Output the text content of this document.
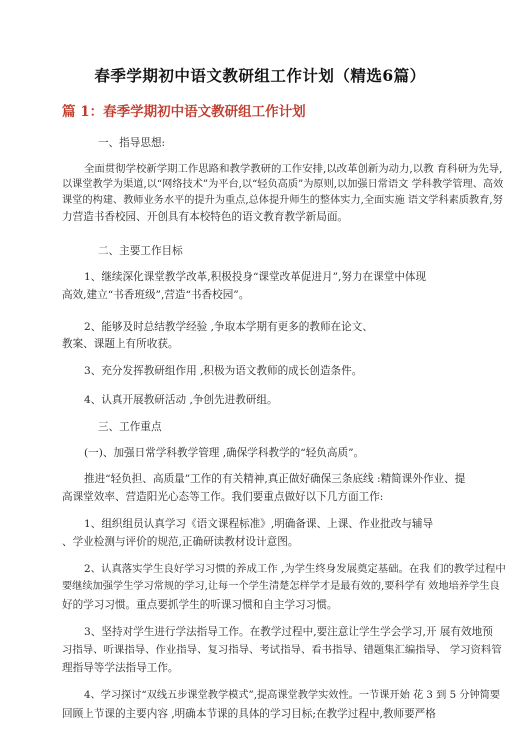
春季学期初中语文教研组工作计划（精选6篇）
篇 1：春季学期初中语文教研组工作计划
一、指导思想:
全面贯彻学校新学期工作思路和教学教研的工作安排,以改革创新为动力,以教 育科研为先导,
以课堂教学为渠道,以“网络技术”为平台,以“轻负高质”为原则,以加强日常语文 学科教学管理、高效
课堂的构建、教师业务水平的提升为重点,总体提升师生的整体实力,全面实施 语文学科素质教育,努
力营造书香校园、开创具有本校特色的语文教育教学新局面。
二、主要工作目标
1、继续深化课堂教学改革,积极投身“课堂改革促进月”,努力在课堂中体现
高效,建立“书香班级”,营造“书香校园”。
2、能够及时总结教学经验 ,争取本学期有更多的教师在论文、
教案、课题上有所收获。
3、充分发挥教研组作用 ,积极为语文教师的成长创造条件。
4、认真开展教研活动 ,争创先进教研组。
三、工作重点
(一)、加强日常学科教学管理 ,确保学科教学的“轻负高质”。
推进“轻负担、高质量”工作的有关精神,真正做好确保三条底线 :精简课外作业、提
高课堂效率、营造阳光心态等工作。我们要重点做好以下几方面工作:
1、组织组员认真学习《语文课程标准》,明确备课、上课、作业批改与辅导
、学业检测与评价的规范,正确研读教材设计意图。
2、认真落实学生良好学习习惯的养成工作 ,为学生终身发展奠定基础。在我 们的教学过程中
要继续加强学生学习常规的学习,让每一个学生清楚怎样学才是最有效的,要科学有 效地培养学生良
好的学习习惯。重点要抓学生的听课习惯和自主学习习惯。
3、坚持对学生进行学法指导工作。在教学过程中,要注意让学生学会学习,开 展有效地预
习指导、听课指导、作业指导、复习指导、考试指导、看书指导、错题集汇编指导、 学习资料管
理指导等学法指导工作。
4、学习探讨“双线五步课堂教学模式”,提高课堂教学实效性。一节课开始 花 3 到 5 分钟简要
回顾上节课的主要内容 ,明确本节课的具体的学习目标;在教学过程中,教师要严格
